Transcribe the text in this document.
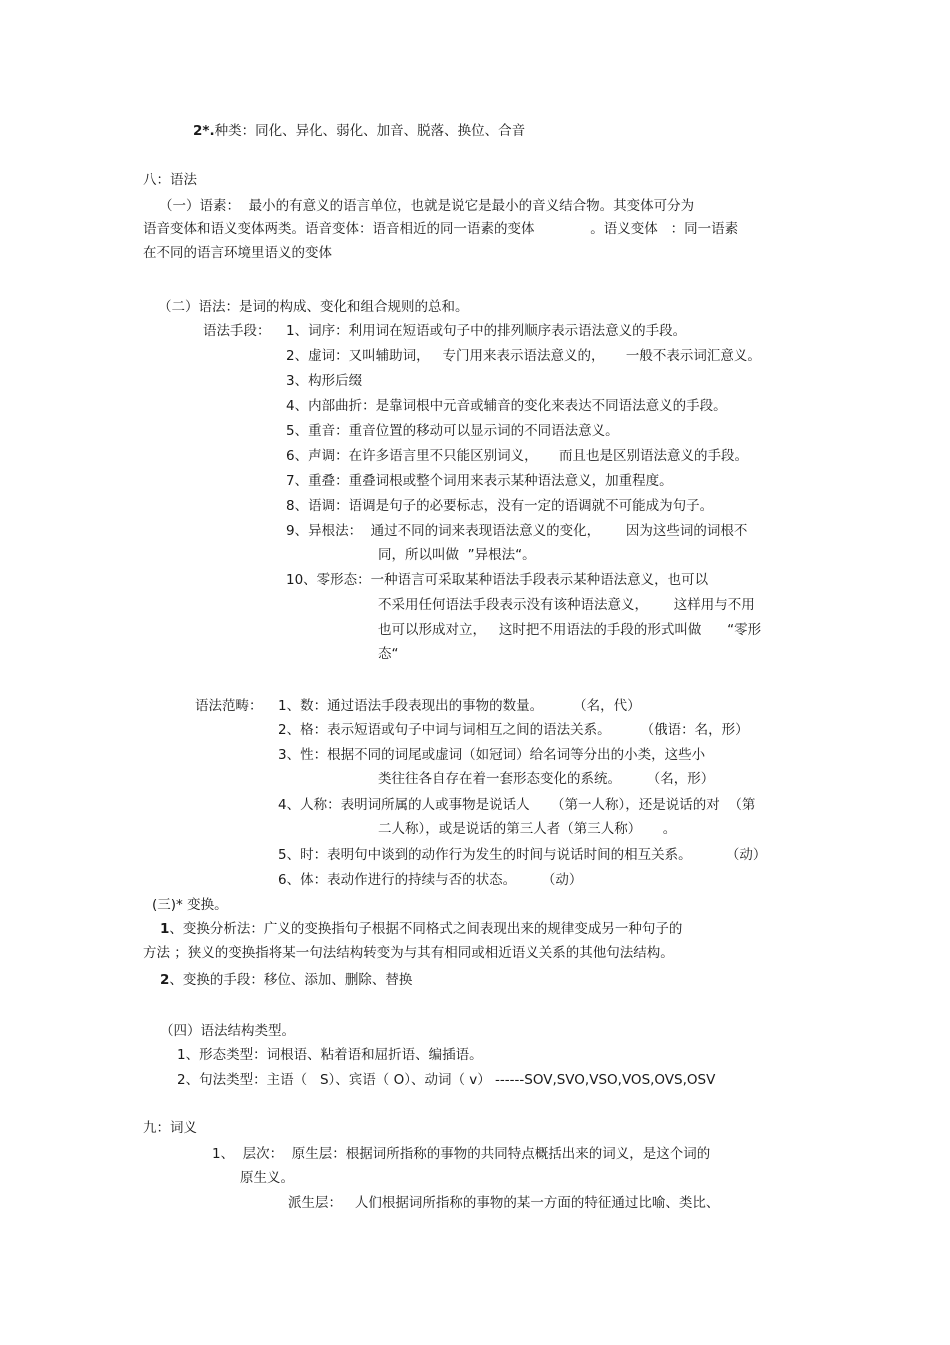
2*.种类：同化、异化、弱化、加音、脱落、换位、合音
八：语法
（一）语素：  最小的有意义的语言单位，也就是说它是最小的音义结合物。其变体可分为
语音变体和语义变体两类。语音变体：语音相近的同一语素的变体             。语义变体   ：同一语素
在不同的语言环境里语义的变体
（二）语法：是词的构成、变化和组合规则的总和。
语法手段： 1、词序：利用词在短语或句子中的排列顺序表示语法意义的手段。
2、虚词：又叫辅助词，   专门用来表示语法意义的，     一般不表示词汇意义。
3、构形后缀
4、内部曲折：是靠词根中元音或辅音的变化来表达不同语法意义的手段。
5、重音：重音位置的移动可以显示词的不同语法意义。
6、声调：在许多语言里不只能区别词义，     而且也是区别语法意义的手段。
7、重叠：重叠词根或整个词用来表示某种语法意义，加重程度。
8、语调：语调是句子的必要标志，没有一定的语调就不可能成为句子。
9、异根法：  通过不同的词来表现语法意义的变化，      因为这些词的词根不
同，所以叫做  ”异根法“。
10、零形态：一种语言可采取某种语法手段表示某种语法意义，也可以
不采用任何语法手段表示没有该种语法意义，      这样用与不用
也可以形成对立，   这时把不用语法的手段的形式叫做      “零形
态“
语法范畴： 1、数：通过语法手段表现出的事物的数量。       （名，代）
2、格：表示短语或句子中词与词相互之间的语法关系。       （俄语：名，形）
3、性：根据不同的词尾或虚词（如冠词）给名词等分出的小类，这些小
类往往各自存在着一套形态变化的系统。      （名，形）
4、人称：表明词所属的人或事物是说话人     （第一人称），还是说话的对  （第
二人称），或是说话的第三人者（第三人称）     。
5、时：表明句中谈到的动作行为发生的时间与说话时间的相互关系。        （动）
6、体：表动作进行的持续与否的状态。      （动）
(三)* 变换。
1、变换分析法：广义的变换指句子根据不同格式之间表现出来的规律变成另一种句子的
方法 ；狭义的变换指将某一句法结构转变为与其有相同或相近语义关系的其他句法结构。
2、变换的手段：移位、添加、删除、替换
（四）语法结构类型。
1、形态类型：词根语、粘着语和屈折语、编插语。
2、句法类型：主语（   S）、宾语（ O）、动词（ v） ------SOV,SVO,VSO,VOS,OVS,OSV
九：词义
1、  层次：  原生层：根据词所指称的事物的共同特点概括出来的词义，是这个词的
原生义。
派生层：   人们根据词所指称的事物的某一方面的特征通过比喻、类比、
